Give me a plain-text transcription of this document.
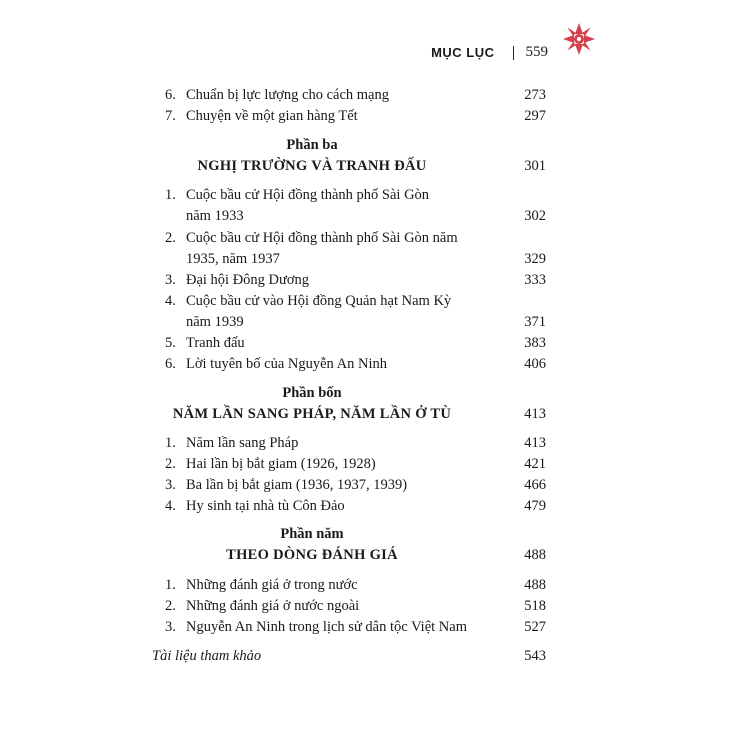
MỤC LỤC 559
6. Chuẩn bị lực lượng cho cách mạng	273
7. Chuyện về một gian hàng Tết	297
Phần ba
NGHỊ TRƯỜNG VÀ TRANH ĐẤU	301
1. Cuộc bầu cử Hội đồng thành phố Sài Gòn
năm 1933	302
2. Cuộc bầu cử Hội đồng thành phố Sài Gòn năm
1935, năm 1937	329
3. Đại hội Đông Dương	333
4. Cuộc bầu cử vào Hội đồng Quản hạt Nam Kỳ
năm 1939	371
5. Tranh đấu	383
6. Lời tuyên bố của Nguyễn An Ninh	406
Phần bốn
NĂM LẦN SANG PHÁP, NĂM LẦN Ở TÙ	413
1. Năm lần sang Pháp	413
2. Hai lần bị bắt giam (1926, 1928)	421
3. Ba lần bị bắt giam (1936, 1937, 1939)	466
4. Hy sinh tại nhà tù Côn Đảo	479
Phần năm
THEO DÒNG ĐÁNH GIÁ	488
1. Những đánh giá ở trong nước	488
2. Những đánh giá ở nước ngoài	518
3. Nguyễn An Ninh trong lịch sử dân tộc Việt Nam	527
Tài liệu tham khảo	543
